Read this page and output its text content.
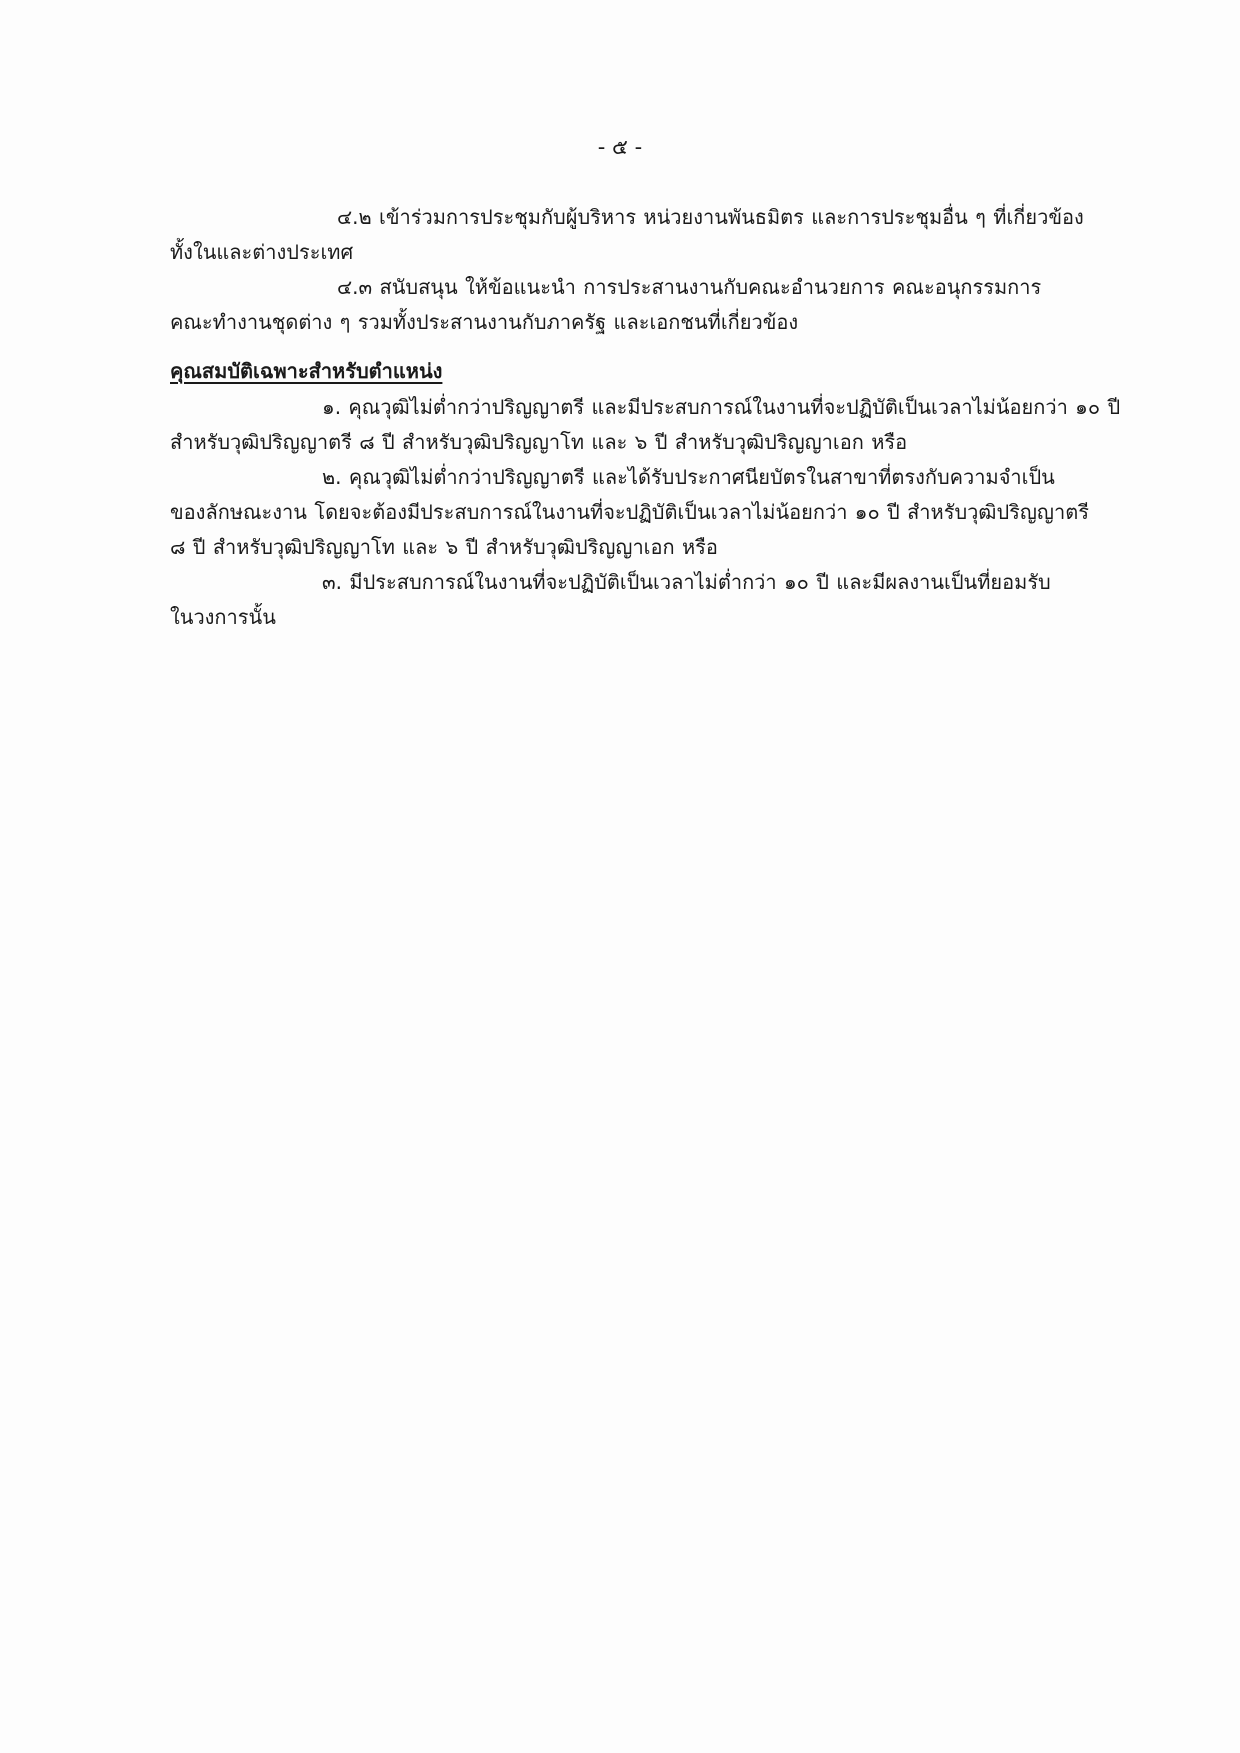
- ๕ -

๔.๒ เข้าร่วมการประชุมกับผู้บริหาร หน่วยงานพันธมิตร และการประชุมอื่น ๆ ที่เกี่ยวข้อง
ทั้งในและต่างประเทศ

๔.๓ สนับสนุน ให้ข้อแนะนำ การประสานงานกับคณะอำนวยการ คณะอนุกรรมการ
คณะทำงานชุดต่าง ๆ รวมทั้งประสานงานกับภาครัฐ และเอกชนที่เกี่ยวข้อง

คุณสมบัติเฉพาะสำหรับตำแหน่ง

๑. คุณวุฒิไม่ต่ำกว่าปริญญาตรี และมีประสบการณ์ในงานที่จะปฏิบัติเป็นเวลาไม่น้อยกว่า ๑๐ ปี
สำหรับวุฒิปริญญาตรี ๘ ปี สำหรับวุฒิปริญญาโท และ ๖ ปี สำหรับวุฒิปริญญาเอก หรือ

๒. คุณวุฒิไม่ต่ำกว่าปริญญาตรี และได้รับประกาศนียบัตรในสาขาที่ตรงกับความจำเป็น
ของลักษณะงาน โดยจะต้องมีประสบการณ์ในงานที่จะปฏิบัติเป็นเวลาไม่น้อยกว่า ๑๐ ปี สำหรับวุฒิปริญญาตรี
๘ ปี สำหรับวุฒิปริญญาโท และ ๖ ปี สำหรับวุฒิปริญญาเอก หรือ

๓. มีประสบการณ์ในงานที่จะปฏิบัติเป็นเวลาไม่ต่ำกว่า ๑๐ ปี และมีผลงานเป็นที่ยอมรับ
ในวงการนั้น
